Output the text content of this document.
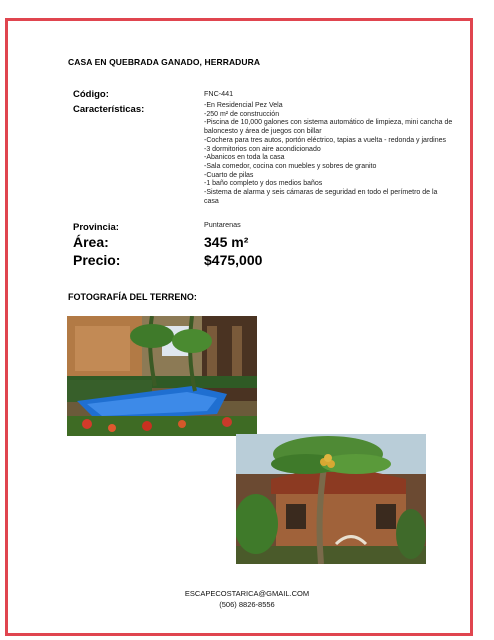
CASA EN QUEBRADA GANADO, HERRADURA
Código:	FNC-441
Características:	-En Residencial Pez Vela
-250 m² de construcción
-Piscina de 10,000 galones con sistema automático de limpieza, mini cancha de baloncesto y área de juegos con billar
-Cochera para tres autos, portón eléctrico, tapias a vuelta - redonda y jardines
-3 dormitorios con aire acondicionado
-Abanicos en toda la casa
-Sala comedor, cocina con muebles y sobres de granito
-Cuarto de pilas
-1 baño completo y dos medios baños
-Sistema de alarma y seis cámaras de seguridad en todo el perímetro de la casa
Provincia:	Puntarenas
Área:	345 m²
Precio:	$475,000
FOTOGRAFÍA DEL TERRENO:
ESCAPECOSTARICA@GMAIL.COM
(506) 8826-8556
